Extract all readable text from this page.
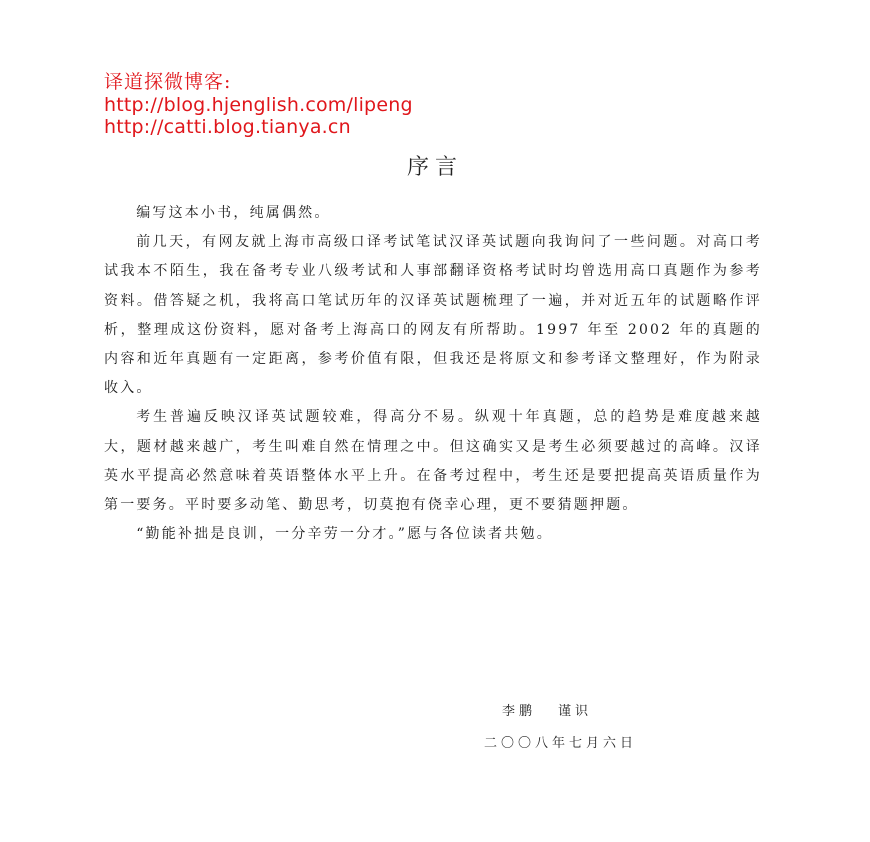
译道探微博客:
http://blog.hjenglish.com/lipeng
http://catti.blog.tianya.cn
序言

编写这本小书，纯属偶然。

前几天，有网友就上海市高级口译考试笔试汉译英试题向我询问了一些问题。对高口考试我本不陌生，我在备考专业八级考试和人事部翻译资格考试时均曾选用高口真题作为参考资料。借答疑之机，我将高口笔试历年的汉译英试题梳理了一遍，并对近五年的试题略作评析，整理成这份资料，愿对备考上海高口的网友有所帮助。1997 年至 2002 年的真题的内容和近年真题有一定距离，参考价值有限，但我还是将原文和参考译文整理好，作为附录收入。

考生普遍反映汉译英试题较难，得高分不易。纵观十年真题，总的趋势是难度越来越大，题材越来越广，考生叫难自然在情理之中。但这确实又是考生必须要越过的高峰。汉译英水平提高必然意味着英语整体水平上升。在备考过程中，考生还是要把提高英语质量作为第一要务。平时要多动笔、勤思考，切莫抱有侥幸心理，更不要猜题押题。

“勤能补拙是良训，一分辛劳一分才。”愿与各位读者共勉。

李鹏 谨识
二〇〇八年七月六日
